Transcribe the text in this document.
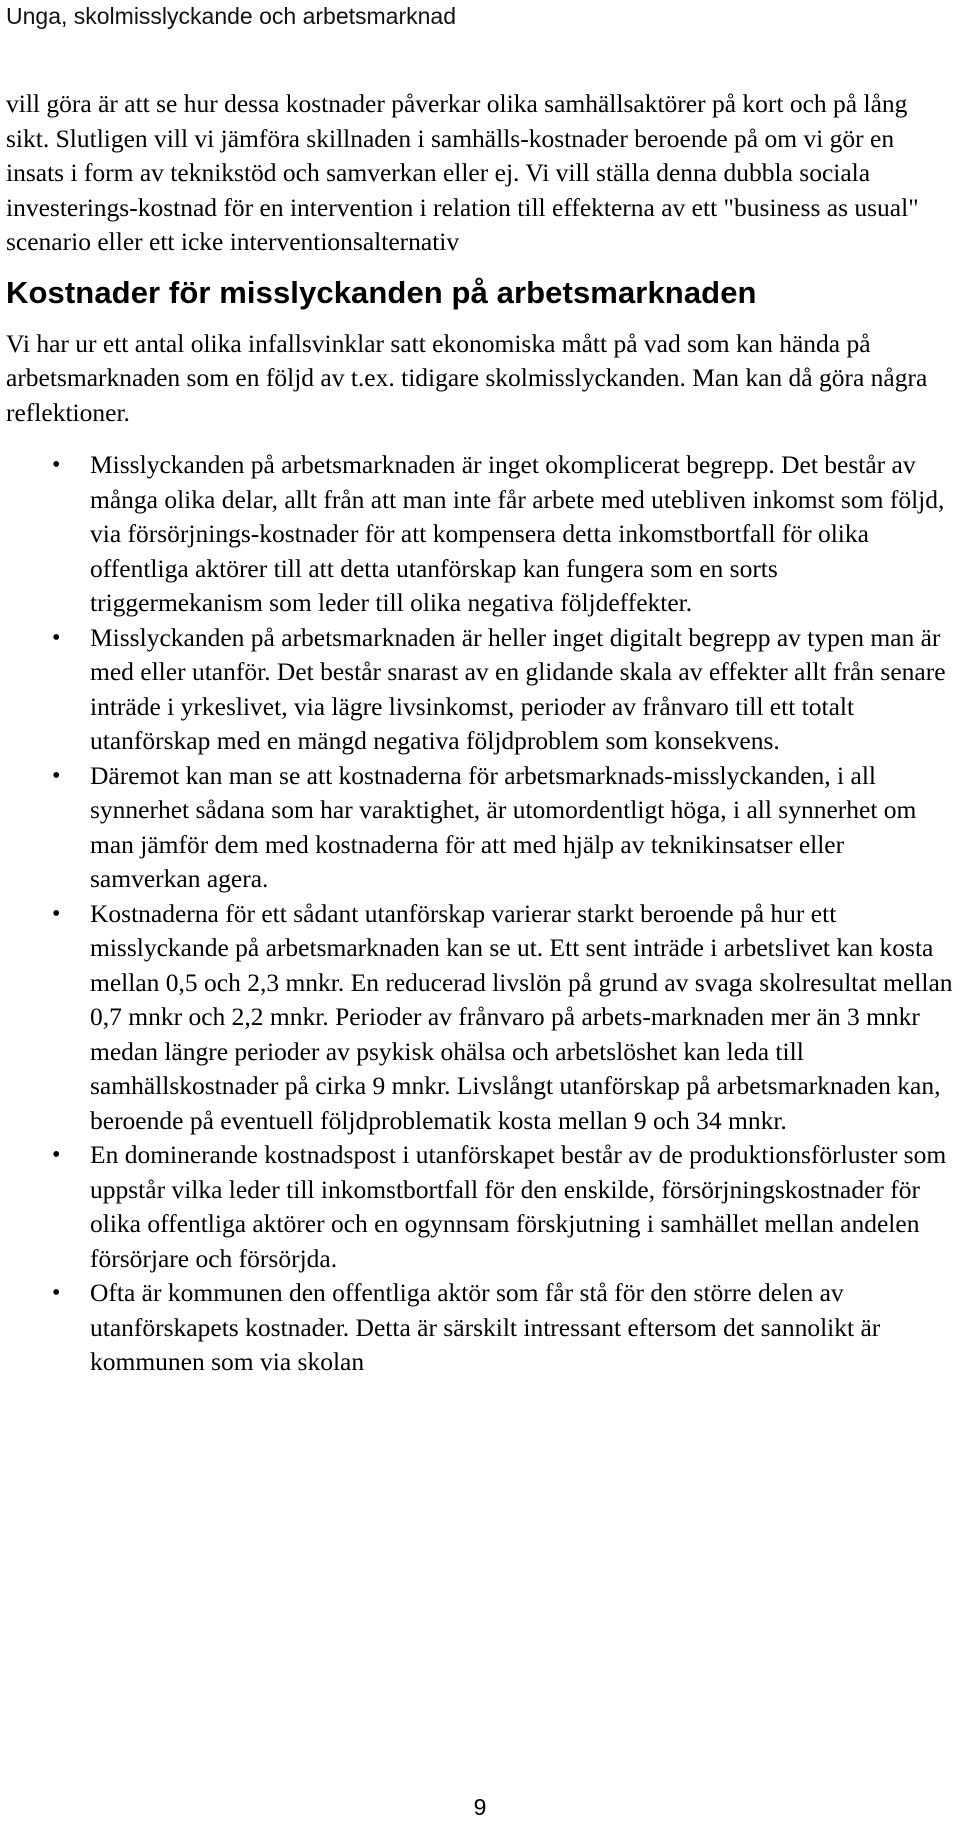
Unga, skolmisslyckande och arbetsmarknad

vill göra är att se hur dessa kostnader påverkar olika samhällsaktörer på kort och på lång sikt. Slutligen vill vi jämföra skillnaden i samhälls-kostnader beroende på om vi gör en insats i form av teknikstöd och samverkan eller ej. Vi vill ställa denna dubbla sociala investerings-kostnad för en intervention i relation till effekterna av ett "business as usual" scenario eller ett icke interventionsalternativ

Kostnader för misslyckanden på arbetsmarknaden

Vi har ur ett antal olika infallsvinklar satt ekonomiska mått på vad som kan hända på arbetsmarknaden som en följd av t.ex. tidigare skolmisslyckanden. Man kan då göra några reflektioner.

• Misslyckanden på arbetsmarknaden är inget okomplicerat begrepp. Det består av många olika delar, allt från att man inte får arbete med utebliven inkomst som följd, via försörjnings-kostnader för att kompensera detta inkomstbortfall för olika offentliga aktörer till att detta utanförskap kan fungera som en sorts triggermekanism som leder till olika negativa följdeffekter.
• Misslyckanden på arbetsmarknaden är heller inget digitalt begrepp av typen man är med eller utanför. Det består snarast av en glidande skala av effekter allt från senare inträde i yrkeslivet, via lägre livsinkomst, perioder av frånvaro till ett totalt utanförskap med en mängd negativa följdproblem som konsekvens.
• Däremot kan man se att kostnaderna för arbetsmarknads-misslyckanden, i all synnerhet sådana som har varaktighet, är utomordentligt höga, i all synnerhet om man jämför dem med kostnaderna för att med hjälp av teknikinsatser eller samverkan agera.
• Kostnaderna för ett sådant utanförskap varierar starkt beroende på hur ett misslyckande på arbetsmarknaden kan se ut. Ett sent inträde i arbetslivet kan kosta mellan 0,5 och 2,3 mnkr. En reducerad livslön på grund av svaga skolresultat mellan 0,7 mnkr och 2,2 mnkr. Perioder av frånvaro på arbets-marknaden mer än 3 mnkr medan längre perioder av psykisk ohälsa och arbetslöshet kan leda till samhällskostnader på cirka 9 mnkr. Livslångt utanförskap på arbetsmarknaden kan, beroende på eventuell följdproblematik kosta mellan 9 och 34 mnkr.
• En dominerande kostnadspost i utanförskapet består av de produktionsförluster som uppstår vilka leder till inkomstbortfall för den enskilde, försörjningskostnader för olika offentliga aktörer och en ogynnsam förskjutning i samhället mellan andelen försörjare och försörjda.
• Ofta är kommunen den offentliga aktör som får stå för den större delen av utanförskapets kostnader. Detta är särskilt intressant eftersom det sannolikt är kommunen som via skolan
9
